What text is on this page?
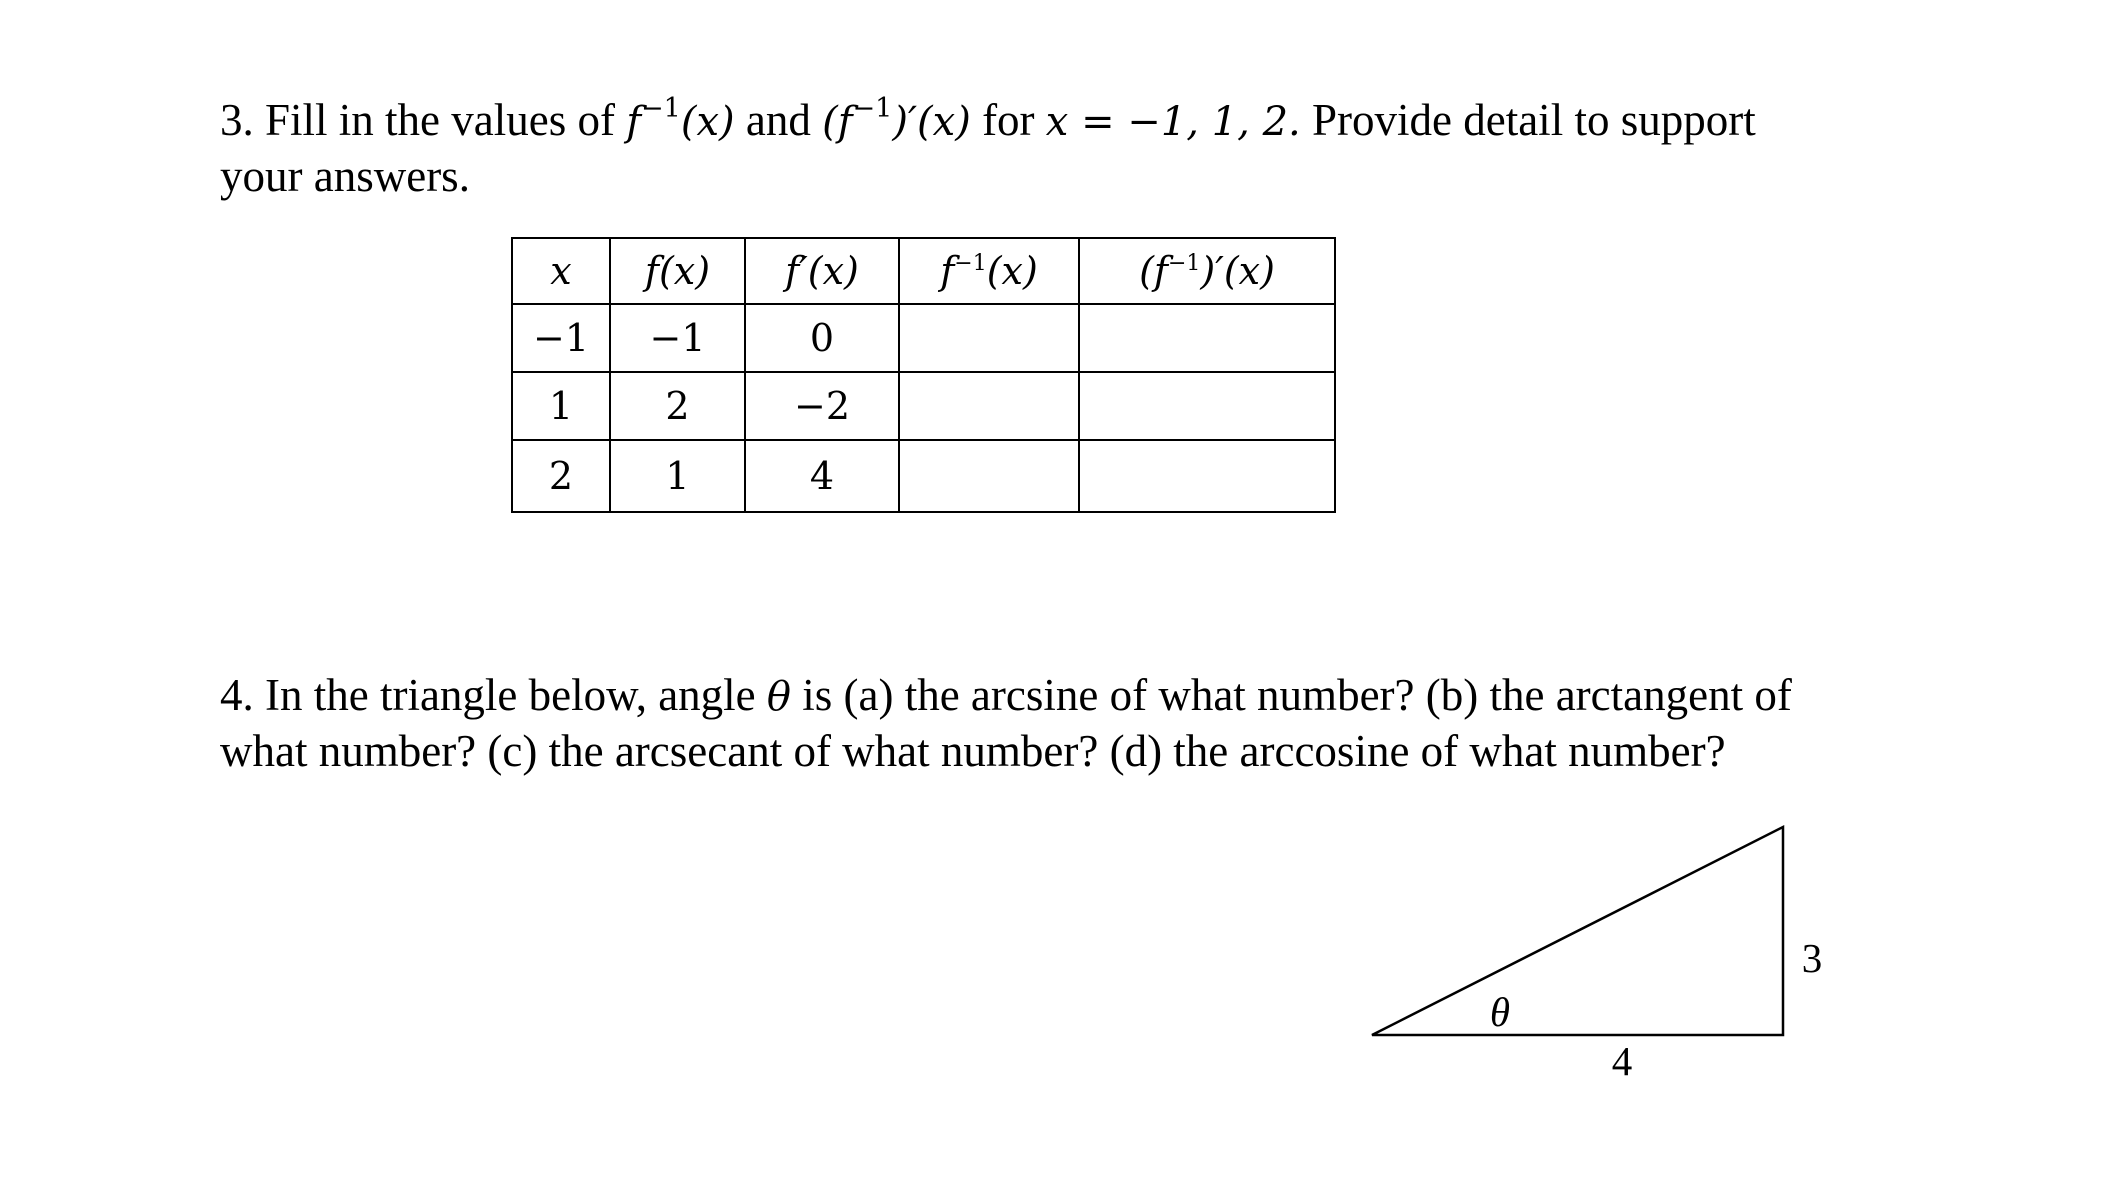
3. Fill in the values of $f^{-1}(x)$ and $(f^{-1})'(x)$ for x = −1, 1, 2. Provide detail to support your answers.

x	f(x)	f′(x)	$f^{-1}(x)$	$(f^{-1})'(x)$
−1	−1	0		
1	2	−2		
2	1	4		

4. In the triangle below, angle θ is (a) the arcsine of what number? (b) the arctangent of what number? (c) the arcsecant of what number? (d) the arccosine of what number?

θ
4
3
